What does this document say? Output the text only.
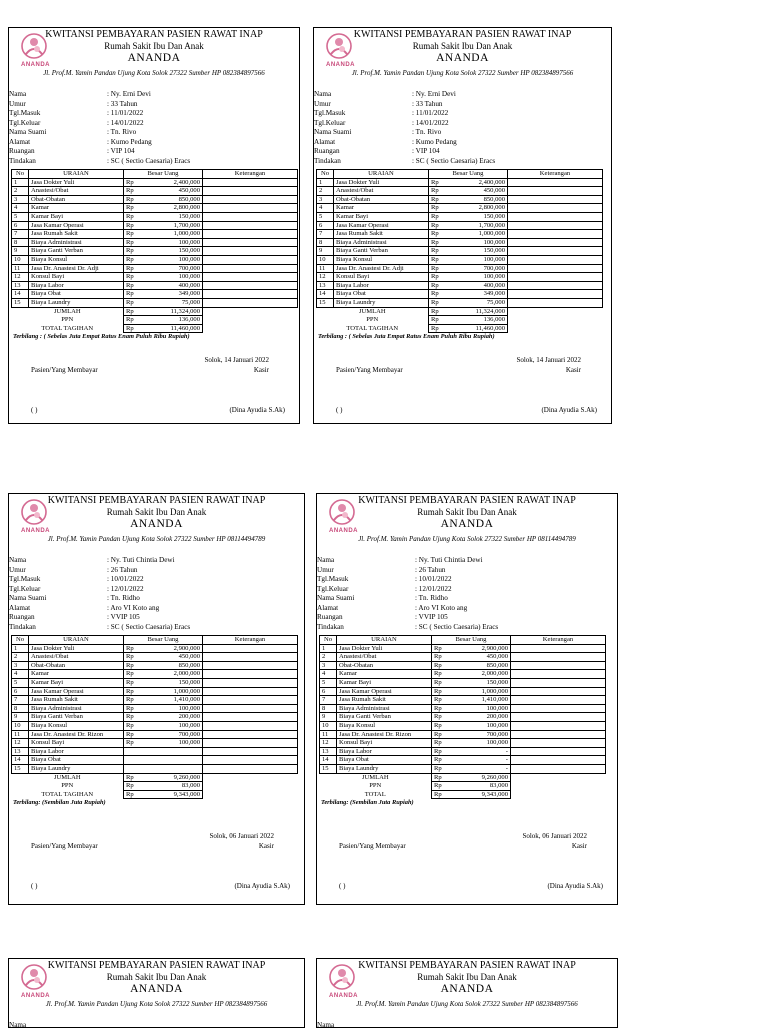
ANANDA
KWITANSI PEMBAYARAN PASIEN RAWAT INAP
Rumah Sakit Ibu Dan Anak
ANANDA
Jl. Prof.M. Yamin Pandan Ujung Kota Solok 27322 Sumber HP 082384897566
Nama	: Ny. Erni Devi
Umur	: 33 Tahun
Tgl.Masuk	: 11/01/2022
Tgl.Keluar	: 14/01/2022
Nama Suami	: Tn. Rivo
Alamat	: Kumo Pedang
Ruangan	: VIP 104
Tindakan	: SC ( Sectio Caesaria) Eracs
No	URAIAN	Besar Uang		Keterangan
1	Jasa Dokter Yuli	Rp	2,400,000	
2	Anastesi/Obat	Rp	450,000	
3	Obat-Obatan	Rp	850,000	
4	Kamar	Rp	2,800,000	
5	Kamar Bayi	Rp	150,000	
6	Jasa Kamar Operasi	Rp	1,700,000	
7	Jasa Rumah Sakit	Rp	1,000,000	
8	Biaya Administrasi	Rp	100,000	
9	Biaya Ganti Verban	Rp	150,000	
10	Biaya Konsul	Rp	100,000	
11	Jasa Dr. Anastesi Dr. Adji	Rp	700,000	
12	Konsul Bayi	Rp	100,000	
13	Biaya Labor	Rp	400,000	
14	Biaya Obat	Rp	349,000	
15	Biaya Laundry	Rp	75,000	
JUMLAH		Rp	11,324,000	
PPN		Rp	136,000	
TOTAL TAGIHAN		Rp	11,460,000	
Terbilang : ( Sebelas Juta Empat Ratus Enam Puluh Ribu Rupiah)
Solok, 14 Januari 2022
Pasien/Yang Membayar	Kasir
( )	(Dina Ayudia S.Ak)
ANANDA
KWITANSI PEMBAYARAN PASIEN RAWAT INAP
Rumah Sakit Ibu Dan Anak
ANANDA
Jl. Prof.M. Yamin Pandan Ujung Kota Solok 27322 Sumber HP 082384897566
Nama	: Ny. Erni Devi
Umur	: 33 Tahun
Tgl.Masuk	: 11/01/2022
Tgl.Keluar	: 14/01/2022
Nama Suami	: Tn. Rivo
Alamat	: Kumo Pedang
Ruangan	: VIP 104
Tindakan	: SC ( Sectio Caesaria) Eracs
No	URAIAN	Besar Uang		Keterangan
1	Jasa Dokter Yuli	Rp	2,400,000	
2	Anastesi/Obat	Rp	450,000	
3	Obat-Obatan	Rp	850,000	
4	Kamar	Rp	2,800,000	
5	Kamar Bayi	Rp	150,000	
6	Jasa Kamar Operasi	Rp	1,700,000	
7	Jasa Rumah Sakit	Rp	1,000,000	
8	Biaya Administrasi	Rp	100,000	
9	Biaya Ganti Verban	Rp	150,000	
10	Biaya Konsul	Rp	100,000	
11	Jasa Dr. Anastesi Dr. Adji	Rp	700,000	
12	Konsul Bayi	Rp	100,000	
13	Biaya Labor	Rp	400,000	
14	Biaya Obat	Rp	349,000	
15	Biaya Laundry	Rp	75,000	
JUMLAH		Rp	11,324,000	
PPN		Rp	136,000	
TOTAL TAGIHAN		Rp	11,460,000	
Terbilang : ( Sebelas Juta Empat Ratus Enam Puluh Ribu Rupiah)
Solok, 14 Januari 2022
Pasien/Yang Membayar	Kasir
( )	(Dina Ayudia S.Ak)
ANANDA
KWITANSI PEMBAYARAN PASIEN RAWAT INAP
Rumah Sakit Ibu Dan Anak
ANANDA
Jl. Prof.M. Yamin Pandan Ujung Kota Solok 27322 Sumber HP 08114494789
Nama	: Ny. Tuti Chintia Dewi
Umur	: 26 Tahun
Tgl.Masuk	: 10/01/2022
Tgl.Keluar	: 12/01/2022
Nama Suami	: Tn. Ridho
Alamat	: Aro VI Koto ang
Ruangan	: VVIP 105
Tindakan	: SC ( Sectio Caesaria) Eracs
No	URAIAN	Besar Uang		Keterangan
1	Jasa Dokter Yuli	Rp	2,900,000	
2	Anastesi/Obat	Rp	450,000	
3	Obat-Obatan	Rp	850,000	
4	Kamar	Rp	2,000,000	
5	Kamar Bayi	Rp	150,000	
6	Jasa Kamar Operasi	Rp	1,000,000	
7	Jasa Rumah Sakit	Rp	1,410,000	
8	Biaya Administrasi	Rp	100,000	
9	Biaya Ganti Verban	Rp	200,000	
10	Biaya Konsul	Rp	100,000	
11	Jasa Dr. Anastesi Dr. Rizon	Rp	700,000	
12	Konsul Bayi	Rp	100,000	
13	Biaya Labor			
14	Biaya Obat			
15	Biaya Laundry			
JUMLAH		Rp	9,260,000	
PPN		Rp	83,000	
TOTAL TAGIHAN		Rp	9,343,000	
Terbilang: (Sembilan Juta Rupiah)
Solok, 06 Januari 2022
Pasien/Yang Membayar	Kasir
( )	(Dina Ayudia S.Ak)
ANANDA
KWITANSI PEMBAYARAN PASIEN RAWAT INAP
Rumah Sakit Ibu Dan Anak
ANANDA
Jl. Prof.M. Yamin Pandan Ujung Kota Solok 27322 Sumber HP 08114494789
Nama	: Ny. Tuti Chintia Dewi
Umur	: 26 Tahun
Tgl.Masuk	: 10/01/2022
Tgl.Keluar	: 12/01/2022
Nama Suami	: Tn. Ridho
Alamat	: Aro VI Koto ang
Ruangan	: VVIP 105
Tindakan	: SC ( Sectio Caesaria) Eracs
No	URAIAN	Besar Uang		Keterangan
1	Jasa Dokter Yuli	Rp	2,900,000	
2	Anastesi/Obat	Rp	450,000	
3	Obat-Obatan	Rp	850,000	
4	Kamar	Rp	2,000,000	
5	Kamar Bayi	Rp	150,000	
6	Jasa Kamar Operasi	Rp	1,000,000	
7	Jasa Rumah Sakit	Rp	1,410,000	
8	Biaya Administrasi	Rp	100,000	
9	Biaya Ganti Verban	Rp	200,000	
10	Biaya Konsul	Rp	100,000	
11	Jasa Dr. Anastesi Dr. Rizon	Rp	700,000	
12	Konsul Bayi	Rp	100,000	
13	Biaya Labor	Rp	-	
14	Biaya Obat	Rp	-	
15	Biaya Laundry	Rp	-	
JUMLAH		Rp	9,260,000	
PPN		Rp	83,000	
TOTAL		Rp	9,343,000	
Terbilang: (Sembilan Juta Rupiah)
Solok, 06 Januari 2022
Pasien/Yang Membayar	Kasir
( )	(Dina Ayudia S.Ak)
ANANDA
KWITANSI PEMBAYARAN PASIEN RAWAT INAP
Rumah Sakit Ibu Dan Anak
ANANDA
Jl. Prof.M. Yamin Pandan Ujung Kota Solok 27322 Sumber HP 082384897566
Nama
ANANDA
KWITANSI PEMBAYARAN PASIEN RAWAT INAP
Rumah Sakit Ibu Dan Anak
ANANDA
Jl. Prof.M. Yamin Pandan Ujung Kota Solok 27322 Sumber HP 082384897566
Nama
